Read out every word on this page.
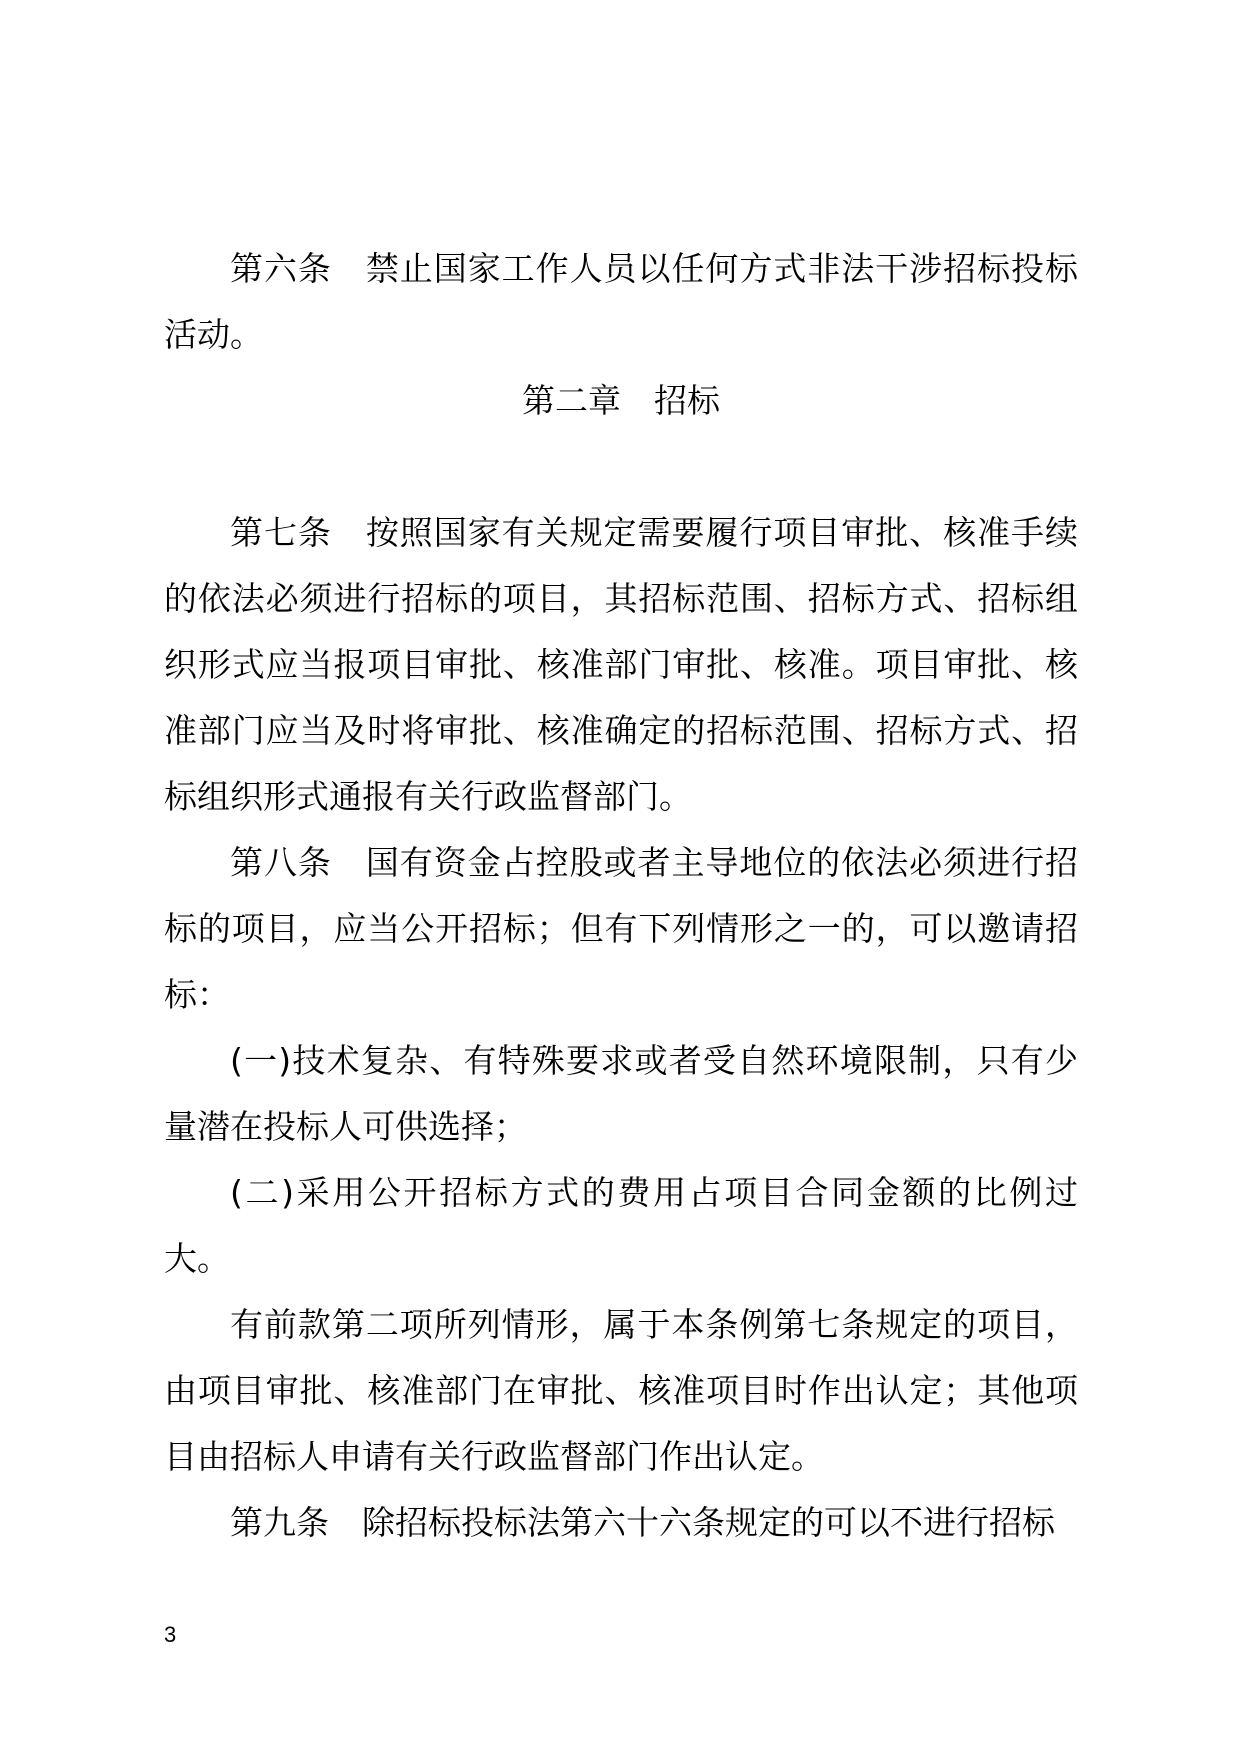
第六条　禁止国家工作人员以任何方式非法干涉招标投标活动。

第二章　招标

第七条　按照国家有关规定需要履行项目审批、核准手续的依法必须进行招标的项目，其招标范围、招标方式、招标组织形式应当报项目审批、核准部门审批、核准。项目审批、核准部门应当及时将审批、核准确定的招标范围、招标方式、招标组织形式通报有关行政监督部门。

第八条　国有资金占控股或者主导地位的依法必须进行招标的项目，应当公开招标；但有下列情形之一的，可以邀请招标：

(一)技术复杂、有特殊要求或者受自然环境限制，只有少量潜在投标人可供选择；

(二)采用公开招标方式的费用占项目合同金额的比例过大。

有前款第二项所列情形，属于本条例第七条规定的项目，由项目审批、核准部门在审批、核准项目时作出认定；其他项目由招标人申请有关行政监督部门作出认定。

第九条　除招标投标法第六十六条规定的可以不进行招标

3
